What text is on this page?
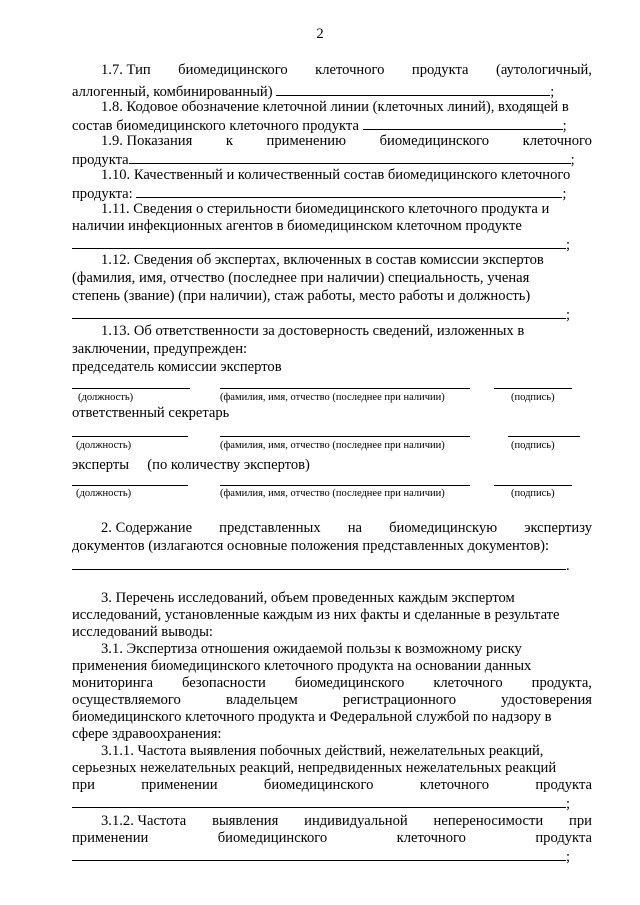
2
1.7. Тип биомедицинского клеточного продукта (аутологичный,
аллогенный, комбинированный)	;
1.8. Кодовое обозначение клеточной линии (клеточных линий), входящей в
состав биомедицинского клеточного продукта	;
1.9. Показания к применению биомедицинского клеточного
продукта	;
1.10. Качественный и количественный состав биомедицинского клеточного
продукта:	;
1.11. Сведения о стерильности биомедицинского клеточного продукта и
наличии инфекционных агентов в биомедицинском клеточном продукте
;
1.12. Сведения об экспертах, включенных в состав комиссии экспертов
(фамилия, имя, отчество (последнее при наличии) специальность, ученая
степень (звание) (при наличии), стаж работы, место работы и должность)
;
1.13. Об ответственности за достоверность сведений, изложенных в
заключении, предупрежден:
председатель комиссии экспертов
(должность)	(фамилия, имя, отчество (последнее при наличии)	(подпись)
ответственный секретарь
(должность)	(фамилия, имя, отчество (последнее при наличии)	(подпись)
эксперты     (по количеству экспертов)
(должность)	(фамилия, имя, отчество (последнее при наличии)	(подпись)
2. Содержание представленных на биомедицинскую экспертизу
документов (излагаются основные положения представленных документов):
.
3. Перечень исследований, объем проведенных каждым экспертом
исследований, установленные каждым из них факты и сделанные в результате
исследований выводы:
3.1. Экспертиза отношения ожидаемой пользы к возможному риску
применения биомедицинского клеточного продукта на основании данных
мониторинга безопасности биомедицинского клеточного продукта,
осуществляемого	владельцем	регистрационного	удостоверения
биомедицинского клеточного продукта и Федеральной службой по надзору в
сфере здравоохранения:
3.1.1. Частота выявления побочных действий, нежелательных реакций,
серьезных нежелательных реакций, непредвиденных нежелательных реакций
при	применении	биомедицинского	клеточного	продукта
;
3.1.2. Частота выявления индивидуальной непереносимости при
применении	биомедицинского	клеточного	продукта
;
